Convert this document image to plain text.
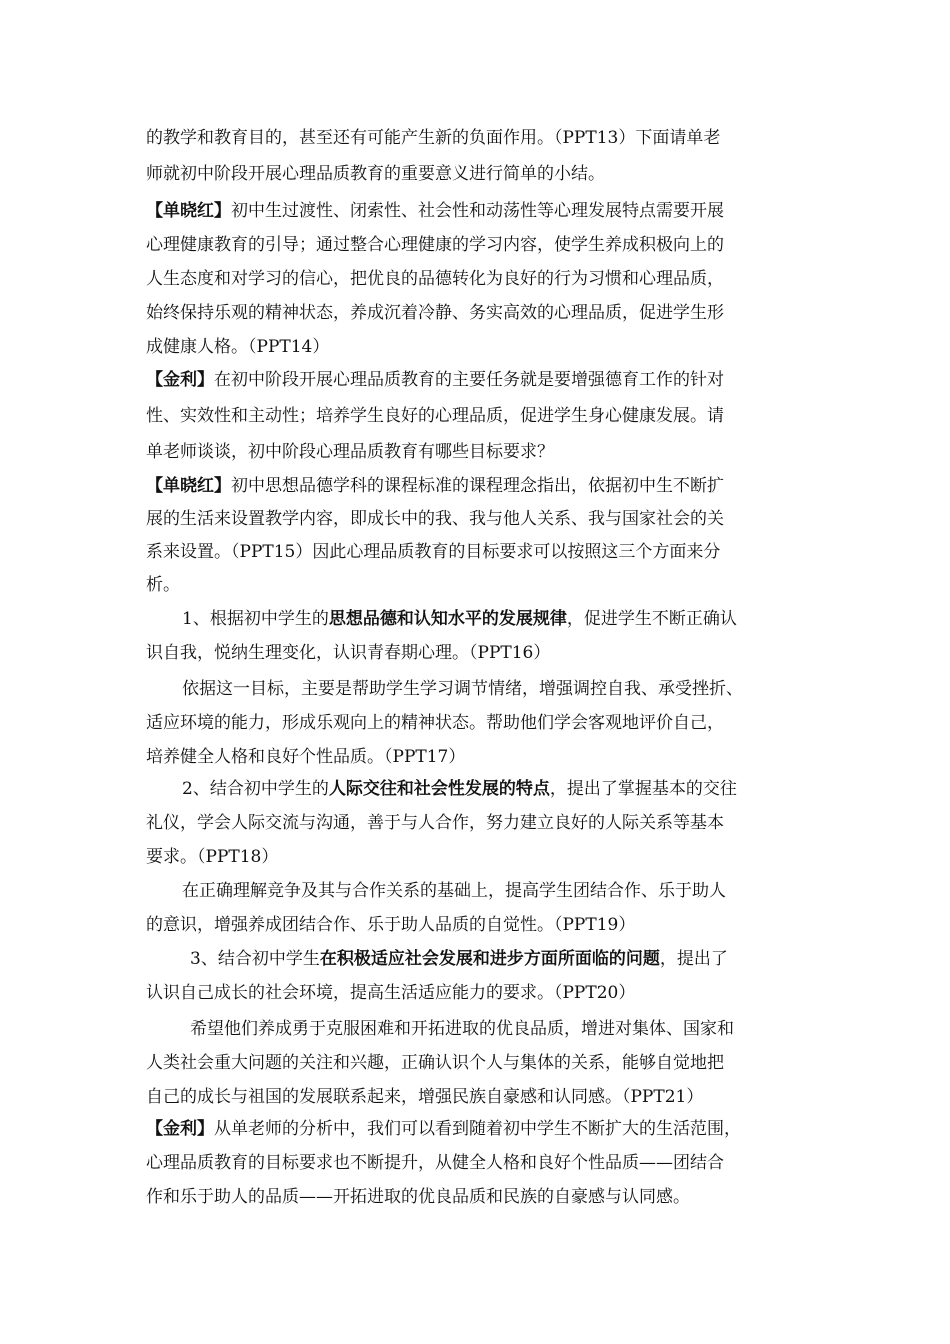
的教学和教育目的，甚至还有可能产生新的负面作用。（PPT13）下面请单老
师就初中阶段开展心理品质教育的重要意义进行简单的小结。
【单晓红】初中生过渡性、闭索性、社会性和动荡性等心理发展特点需要开展
心理健康教育的引导；通过整合心理健康的学习内容，使学生养成积极向上的
人生态度和对学习的信心，把优良的品德转化为良好的行为习惯和心理品质，
始终保持乐观的精神状态，养成沉着冷静、务实高效的心理品质，促进学生形
成健康人格。（PPT14）
【金利】在初中阶段开展心理品质教育的主要任务就是要增强德育工作的针对
性、实效性和主动性；培养学生良好的心理品质，促进学生身心健康发展。请
单老师谈谈，初中阶段心理品质教育有哪些目标要求？
【单晓红】初中思想品德学科的课程标准的课程理念指出，依据初中生不断扩
展的生活来设置教学内容，即成长中的我、我与他人关系、我与国家社会的关
系来设置。（PPT15）因此心理品质教育的目标要求可以按照这三个方面来分
析。
1、根据初中学生的思想品德和认知水平的发展规律，促进学生不断正确认
识自我，悦纳生理变化，认识青春期心理。（PPT16）
依据这一目标，主要是帮助学生学习调节情绪，增强调控自我、承受挫折、
适应环境的能力，形成乐观向上的精神状态。帮助他们学会客观地评价自己，
培养健全人格和良好个性品质。（PPT17）
2、结合初中学生的人际交往和社会性发展的特点，提出了掌握基本的交往
礼仪，学会人际交流与沟通，善于与人合作，努力建立良好的人际关系等基本
要求。（PPT18）
在正确理解竞争及其与合作关系的基础上，提高学生团结合作、乐于助人
的意识，增强养成团结合作、乐于助人品质的自觉性。（PPT19）
3、结合初中学生在积极适应社会发展和进步方面所面临的问题，提出了
认识自己成长的社会环境，提高生活适应能力的要求。（PPT20）
希望他们养成勇于克服困难和开拓进取的优良品质，增进对集体、国家和
人类社会重大问题的关注和兴趣，正确认识个人与集体的关系，能够自觉地把
自己的成长与祖国的发展联系起来，增强民族自豪感和认同感。（PPT21）
【金利】从单老师的分析中，我们可以看到随着初中学生不断扩大的生活范围，
心理品质教育的目标要求也不断提升，从健全人格和良好个性品质——团结合
作和乐于助人的品质——开拓进取的优良品质和民族的自豪感与认同感。
